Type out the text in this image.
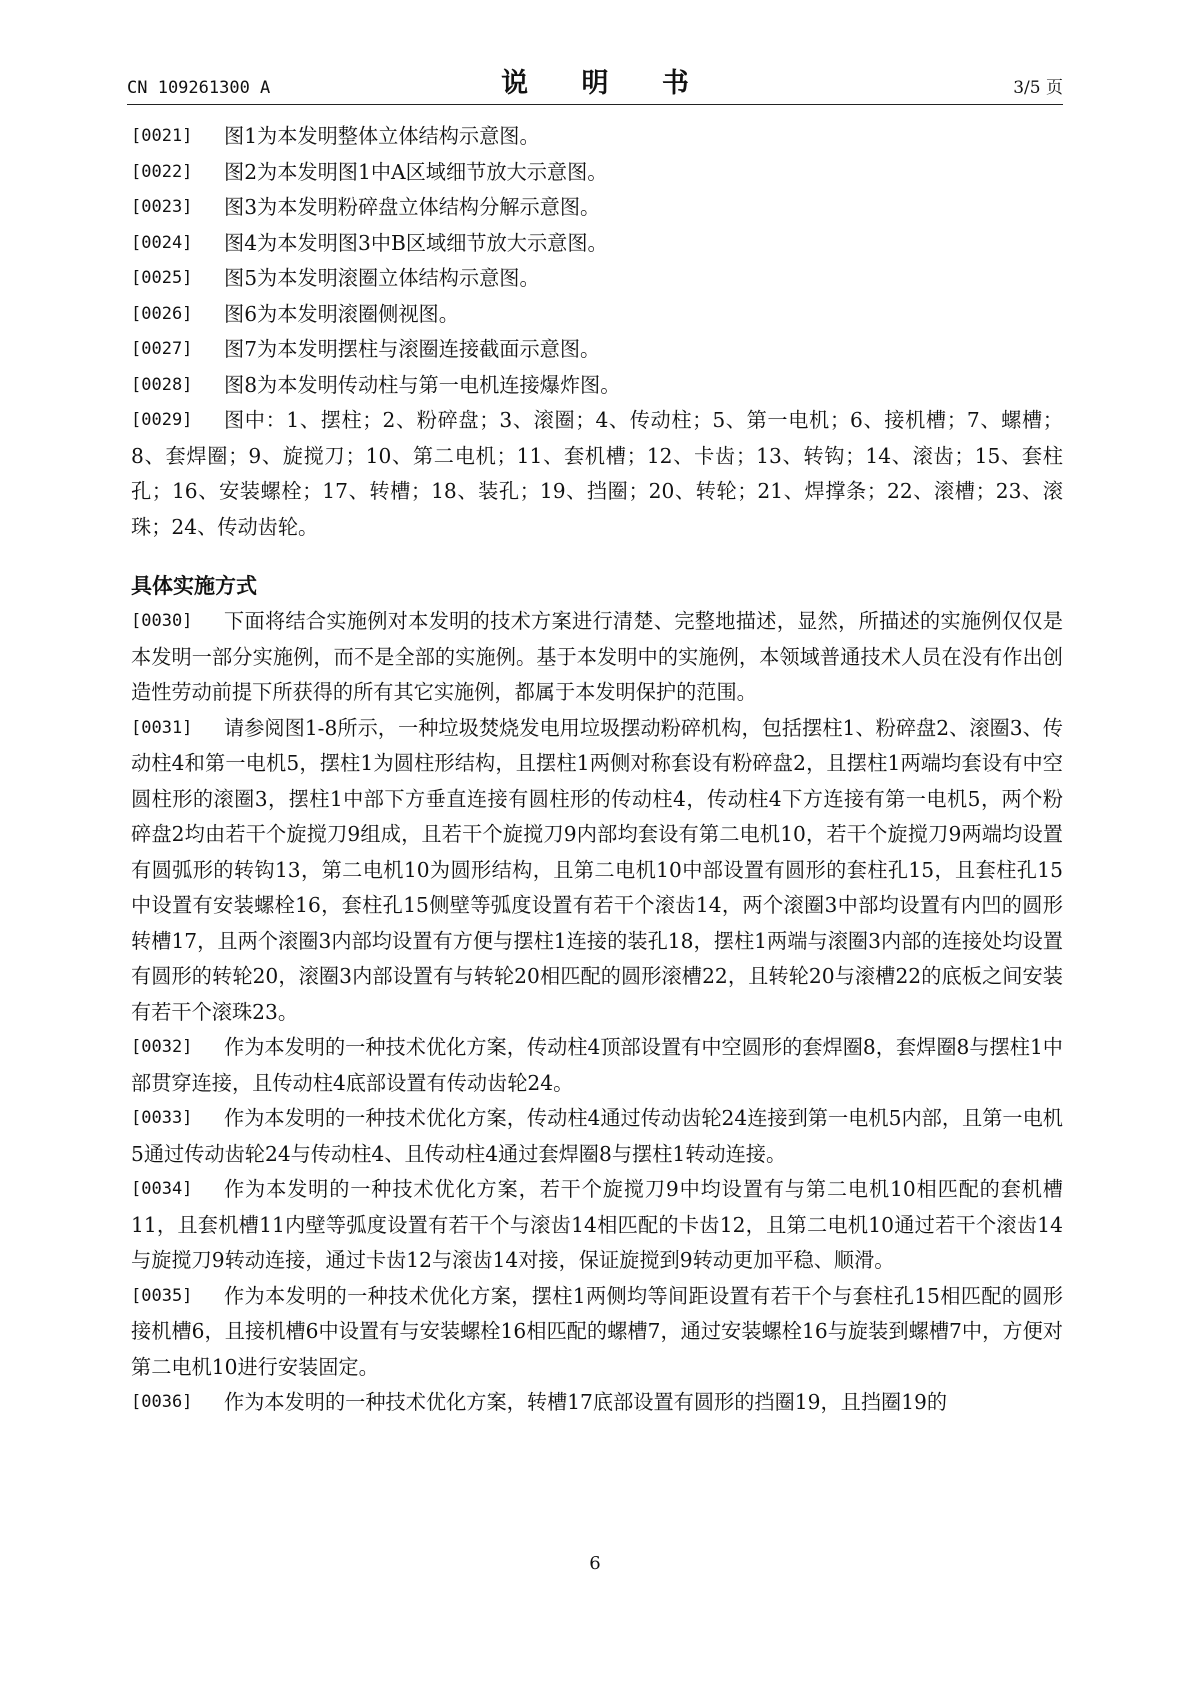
CN 109261300 A	说 明 书	3/5 页
[0021]	图1为本发明整体立体结构示意图。
[0022]	图2为本发明图1中A区域细节放大示意图。
[0023]	图3为本发明粉碎盘立体结构分解示意图。
[0024]	图4为本发明图3中B区域细节放大示意图。
[0025]	图5为本发明滚圈立体结构示意图。
[0026]	图6为本发明滚圈侧视图。
[0027]	图7为本发明摆柱与滚圈连接截面示意图。
[0028]	图8为本发明传动柱与第一电机连接爆炸图。
[0029]	图中：1、摆柱；2、粉碎盘；3、滚圈；4、传动柱；5、第一电机；6、接机槽；7、螺槽；8、套焊圈；9、旋搅刀；10、第二电机；11、套机槽；12、卡齿；13、转钩；14、滚齿；15、套柱孔；16、安装螺栓；17、转槽；18、装孔；19、挡圈；20、转轮；21、焊撑条；22、滚槽；23、滚珠；24、传动齿轮。
具体实施方式
[0030]	下面将结合实施例对本发明的技术方案进行清楚、完整地描述，显然，所描述的实施例仅仅是本发明一部分实施例，而不是全部的实施例。基于本发明中的实施例，本领域普通技术人员在没有作出创造性劳动前提下所获得的所有其它实施例，都属于本发明保护的范围。
[0031]	请参阅图1-8所示，一种垃圾焚烧发电用垃圾摆动粉碎机构，包括摆柱1、粉碎盘2、滚圈3、传动柱4和第一电机5，摆柱1为圆柱形结构，且摆柱1两侧对称套设有粉碎盘2，且摆柱1两端均套设有中空圆柱形的滚圈3，摆柱1中部下方垂直连接有圆柱形的传动柱4，传动柱4下方连接有第一电机5，两个粉碎盘2均由若干个旋搅刀9组成，且若干个旋搅刀9内部均套设有第二电机10，若干个旋搅刀9两端均设置有圆弧形的转钩13，第二电机10为圆形结构，且第二电机10中部设置有圆形的套柱孔15，且套柱孔15中设置有安装螺栓16，套柱孔15侧壁等弧度设置有若干个滚齿14，两个滚圈3中部均设置有内凹的圆形转槽17，且两个滚圈3内部均设置有方便与摆柱1连接的装孔18，摆柱1两端与滚圈3内部的连接处均设置有圆形的转轮20，滚圈3内部设置有与转轮20相匹配的圆形滚槽22，且转轮20与滚槽22的底板之间安装有若干个滚珠23。
[0032]	作为本发明的一种技术优化方案，传动柱4顶部设置有中空圆形的套焊圈8，套焊圈8与摆柱1中部贯穿连接，且传动柱4底部设置有传动齿轮24。
[0033]	作为本发明的一种技术优化方案，传动柱4通过传动齿轮24连接到第一电机5内部，且第一电机5通过传动齿轮24与传动柱4、且传动柱4通过套焊圈8与摆柱1转动连接。
[0034]	作为本发明的一种技术优化方案，若干个旋搅刀9中均设置有与第二电机10相匹配的套机槽11，且套机槽11内壁等弧度设置有若干个与滚齿14相匹配的卡齿12，且第二电机10通过若干个滚齿14与旋搅刀9转动连接，通过卡齿12与滚齿14对接，保证旋搅到9转动更加平稳、顺滑。
[0035]	作为本发明的一种技术优化方案，摆柱1两侧均等间距设置有若干个与套柱孔15相匹配的圆形接机槽6，且接机槽6中设置有与安装螺栓16相匹配的螺槽7，通过安装螺栓16与旋装到螺槽7中，方便对第二电机10进行安装固定。
[0036]	作为本发明的一种技术优化方案，转槽17底部设置有圆形的挡圈19，且挡圈19的
6
